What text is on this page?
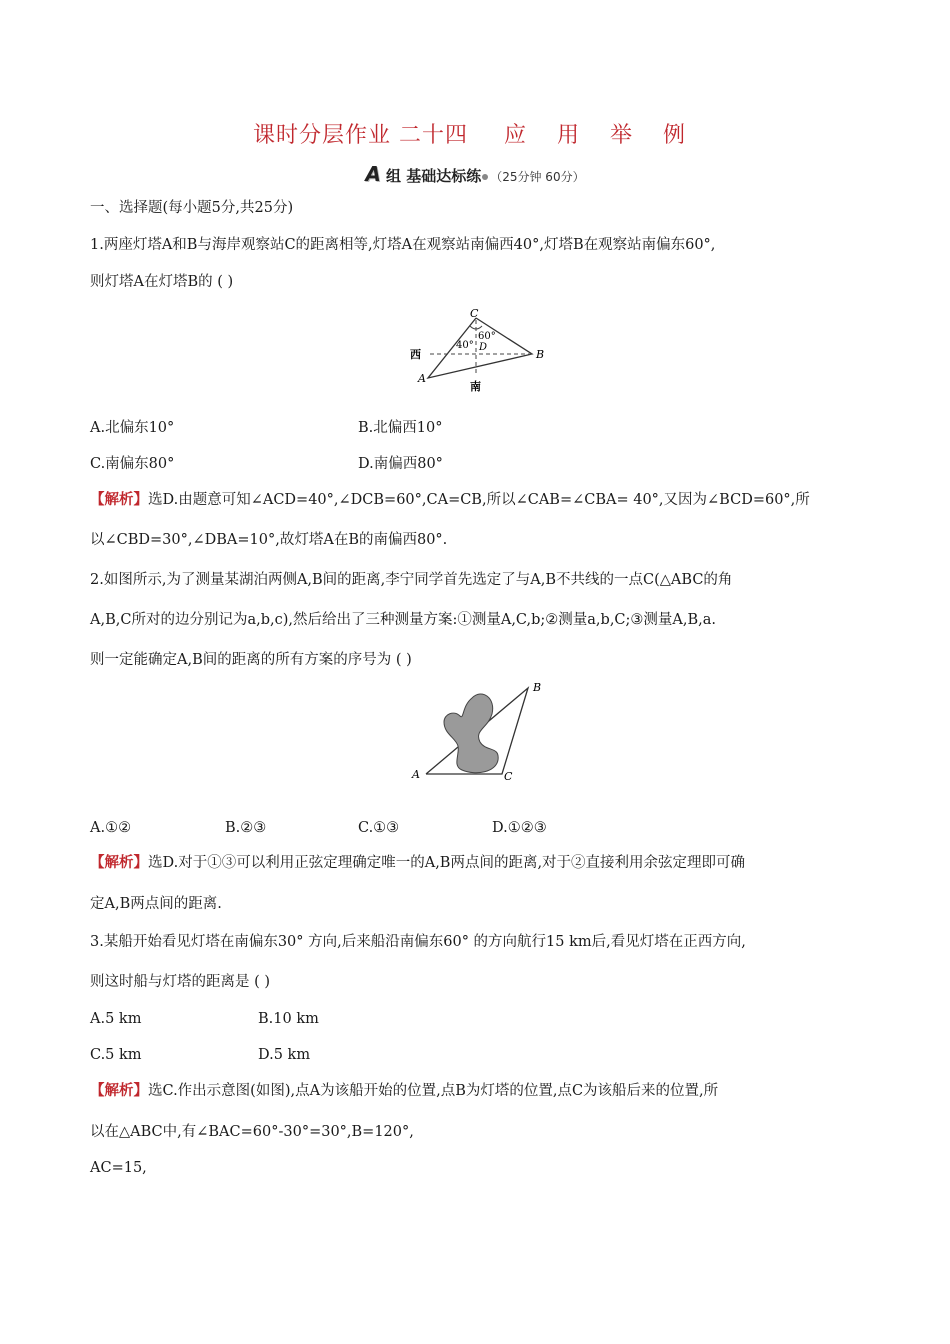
课时分层作业 二十四 应 用 举 例
A 组 基础达标练 （25分钟 60分）
一、选择题(每小题5分,共25分)
1.两座灯塔A和B与海岸观察站C的距离相等,灯塔A在观察站南偏西40°,灯塔B在观察站南偏东60°,
则灯塔A在灯塔B的 ( )
C
A
B
D
西
南
40°
60°
A.北偏东10°	B.北偏西10°
C.南偏东80°	D.南偏西80°
【解析】选D.由题意可知∠ACD=40°,∠DCB=60°,CA=CB,所以∠CAB=∠CBA= 40°,又因为∠BCD=60°,所
以∠CBD=30°,∠DBA=10°,故灯塔A在B的南偏西80°.
2.如图所示,为了测量某湖泊两侧A,B间的距离,李宁同学首先选定了与A,B不共线的一点C(△ABC的角
A,B,C所对的边分别记为a,b,c),然后给出了三种测量方案:①测量A,C,b;②测量a,b,C;③测量A,B,a.
则一定能确定A,B间的距离的所有方案的序号为 ( )
A
B
C
A.①②	B.②③	C.①③	D.①②③
【解析】选D.对于①③可以利用正弦定理确定唯一的A,B两点间的距离,对于②直接利用余弦定理即可确
定A,B两点间的距离.
3.某船开始看见灯塔在南偏东30° 方向,后来船沿南偏东60° 的方向航行15 km后,看见灯塔在正西方向,
则这时船与灯塔的距离是 ( )
A.5 km	B.10 km
C.5 km	D.5 km
【解析】选C.作出示意图(如图),点A为该船开始的位置,点B为灯塔的位置,点C为该船后来的位置,所
以在△ABC中,有∠BAC=60°-30°=30°,B=120°,
AC=15,
